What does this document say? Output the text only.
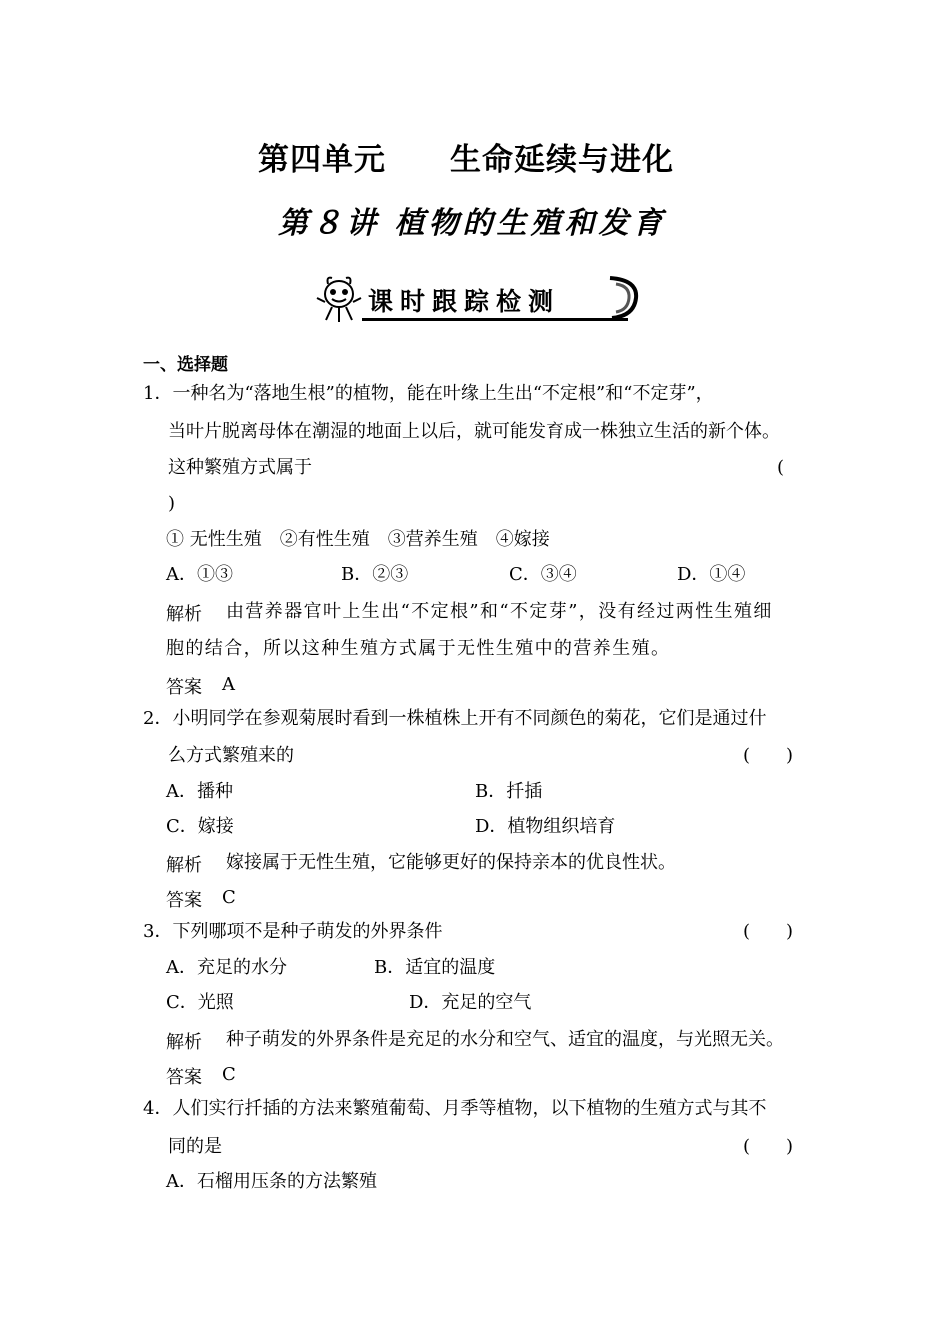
第四单元　　生命延续与进化
第８讲 植物的生殖和发育
课时跟踪检测
一、选择题
1．一种名为“落地生根”的植物，能在叶缘上生出“不定根”和“不定芽”，
当叶片脱离母体在潮湿的地面上以后，就可能发育成一株独立生活的新个体。
这种繁殖方式属于	(
)
① 无性生殖　②有性生殖　③营养生殖　④嫁接
A．①③	B．②③	C．③④	D．①④
解析 由营养器官叶上生出“不定根”和“不定芽”，没有经过两性生殖细
胞的结合，所以这种生殖方式属于无性生殖中的营养生殖。
答案 A
2．小明同学在参观菊展时看到一株植株上开有不同颜色的菊花，它们是通过什
么方式繁殖来的	(　　)
A．播种	B．扦插
C．嫁接	D．植物组织培育
解析 嫁接属于无性生殖，它能够更好的保持亲本的优良性状。
答案 C
3．下列哪项不是种子萌发的外界条件	(　　)
A．充足的水分	B．适宜的温度
C．光照	D．充足的空气
解析 种子萌发的外界条件是充足的水分和空气、适宜的温度，与光照无关。
答案 C
4．人们实行扦插的方法来繁殖葡萄、月季等植物，以下植物的生殖方式与其不
同的是	(　　)
A．石榴用压条的方法繁殖
